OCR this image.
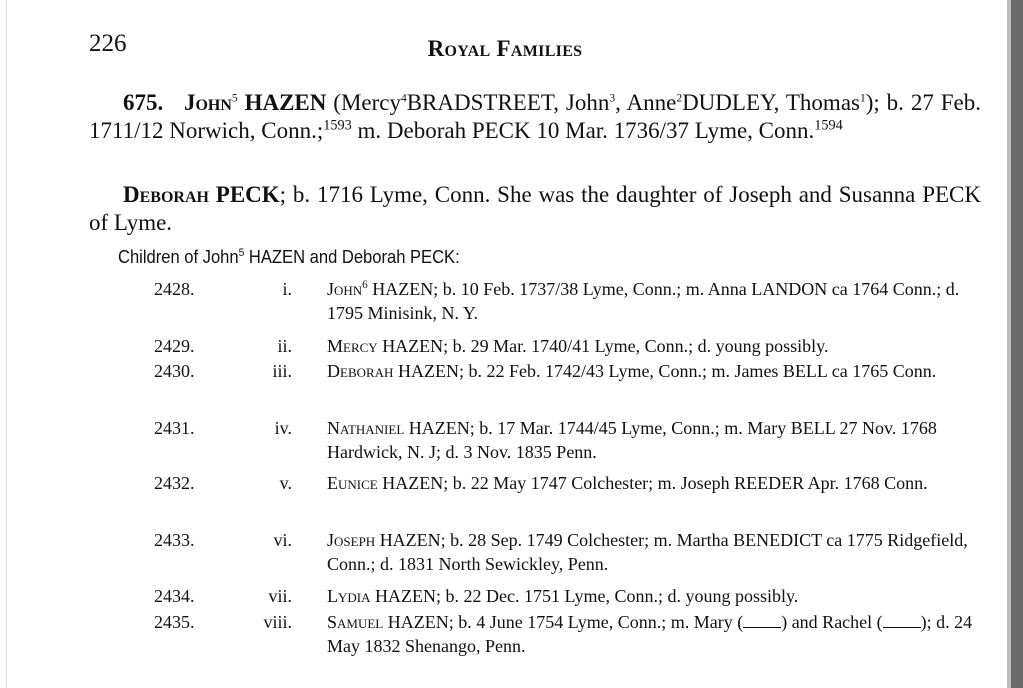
226	Royal Families

675. John$^5$ HAZEN (Mercy$^4$BRADSTREET, John$^3$, Anne$^2$DUDLEY, Thomas$^1$); b. 27 Feb. 1711/12 Norwich, Conn.;$^{1593}$ m. Deborah PECK 10 Mar. 1736/37 Lyme, Conn.$^{1594}$

Deborah PECK; b. 1716 Lyme, Conn. She was the daughter of Joseph and Susanna PECK of Lyme.

Children of John$^5$ HAZEN and Deborah PECK:
2428.	i. John$^6$ HAZEN; b. 10 Feb. 1737/38 Lyme, Conn.; m. Anna LANDON ca 1764 Conn.; d. 1795 Minisink, N. Y.
2429.	ii. Mercy HAZEN; b. 29 Mar. 1740/41 Lyme, Conn.; d. young possibly.
2430.	iii. Deborah HAZEN; b. 22 Feb. 1742/43 Lyme, Conn.; m. James BELL ca 1765 Conn.
2431.	iv. Nathaniel HAZEN; b. 17 Mar. 1744/45 Lyme, Conn.; m. Mary BELL 27 Nov. 1768 Hardwick, N. J; d. 3 Nov. 1835 Penn.
2432.	v. Eunice HAZEN; b. 22 May 1747 Colchester; m. Joseph REEDER Apr. 1768 Conn.
2433.	vi. Joseph HAZEN; b. 28 Sep. 1749 Colchester; m. Martha BENEDICT ca 1775 Ridgefield, Conn.; d. 1831 North Sewickley, Penn.
2434.	vii. Lydia HAZEN; b. 22 Dec. 1751 Lyme, Conn.; d. young possibly.
2435.	viii. Samuel HAZEN; b. 4 June 1754 Lyme, Conn.; m. Mary ( ) and Rachel ( ); d. 24 May 1832 Shenango, Penn.
